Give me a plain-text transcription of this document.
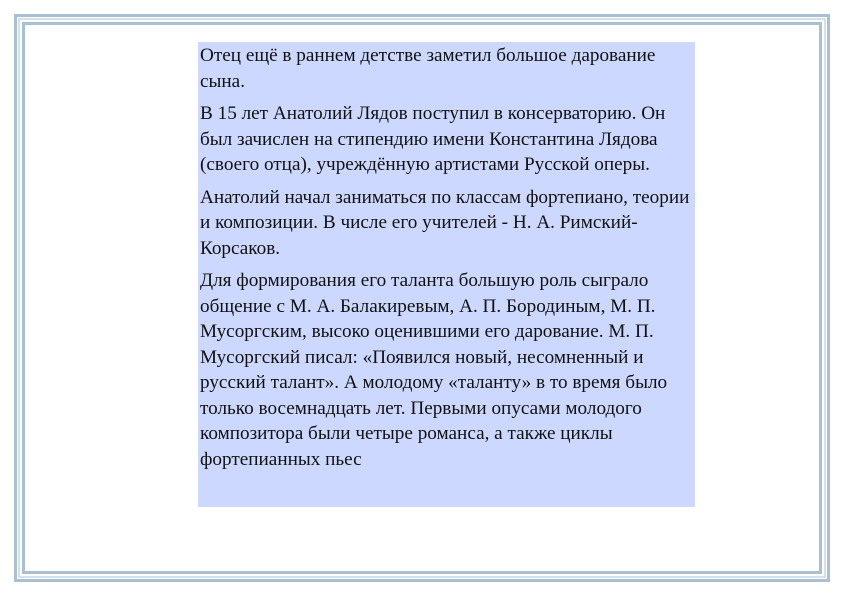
Отец ещё в раннем детстве заметил большое дарование сына.

В 15 лет Анатолий Лядов поступил в консерваторию. Он был зачислен на стипендию имени Константина Лядова (своего отца), учреждённую артистами Русской оперы.

Анатолий начал заниматься по классам фортепиано, теории и композиции. В числе его учителей - Н. А. Римский-Корсаков.

Для формирования его таланта большую роль сыграло общение с М. А. Балакиревым, А. П. Бородиным, М. П. Мусоргским, высоко оценившими его дарование. М. П. Мусоргский писал: «Появился новый, несомненный и русский талант». А молодому «таланту» в то время было только восемнадцать лет. Первыми опусами молодого композитора были четыре романса, а также циклы фортепианных пьес
